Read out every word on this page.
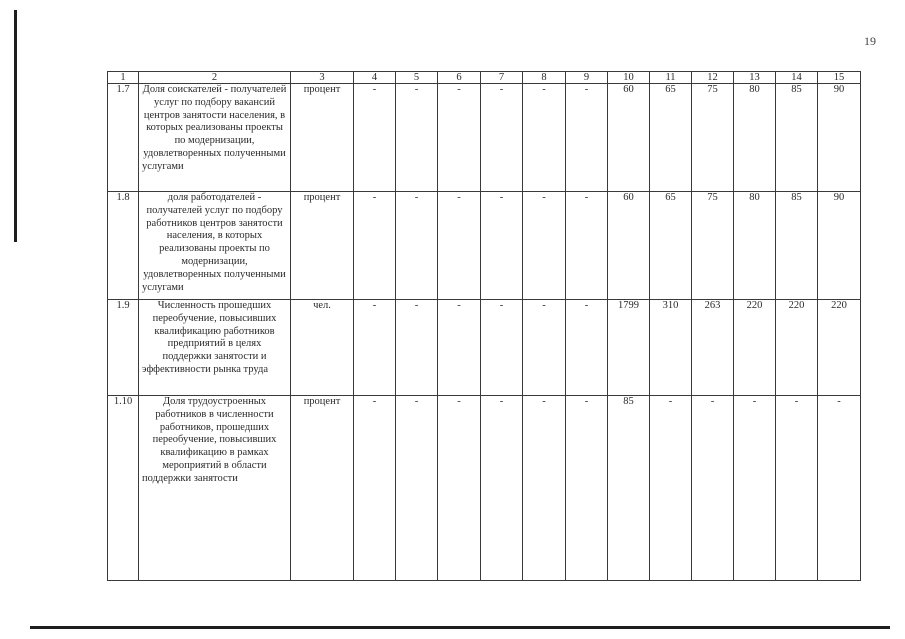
19
1	2	3	4	5	6	7	8	9	10	11	12	13	14	15
1.7	Доля соискателей - получателей услуг по подбору вакансий центров занятости населения, в которых реализованы проекты по модернизации, удовлетворенных полученными услугами	процент	-	-	-	-	-	-	60	65	75	80	85	90
1.8	доля работодателей - получателей услуг по подбору работников центров занятости населения, в которых реализованы проекты по модернизации, удовлетворенных полученными услугами	процент	-	-	-	-	-	-	60	65	75	80	85	90
1.9	Численность прошедших переобучение, повысивших квалификацию работников предприятий в целях поддержки занятости и эффективности рынка труда	чел.	-	-	-	-	-	-	1799	310	263	220	220	220
1.10	Доля трудоустроенных работников в численности работников, прошедших переобучение, повысивших квалификацию в рамках мероприятий в области поддержки занятости	процент	-	-	-	-	-	-	85	-	-	-	-	-
